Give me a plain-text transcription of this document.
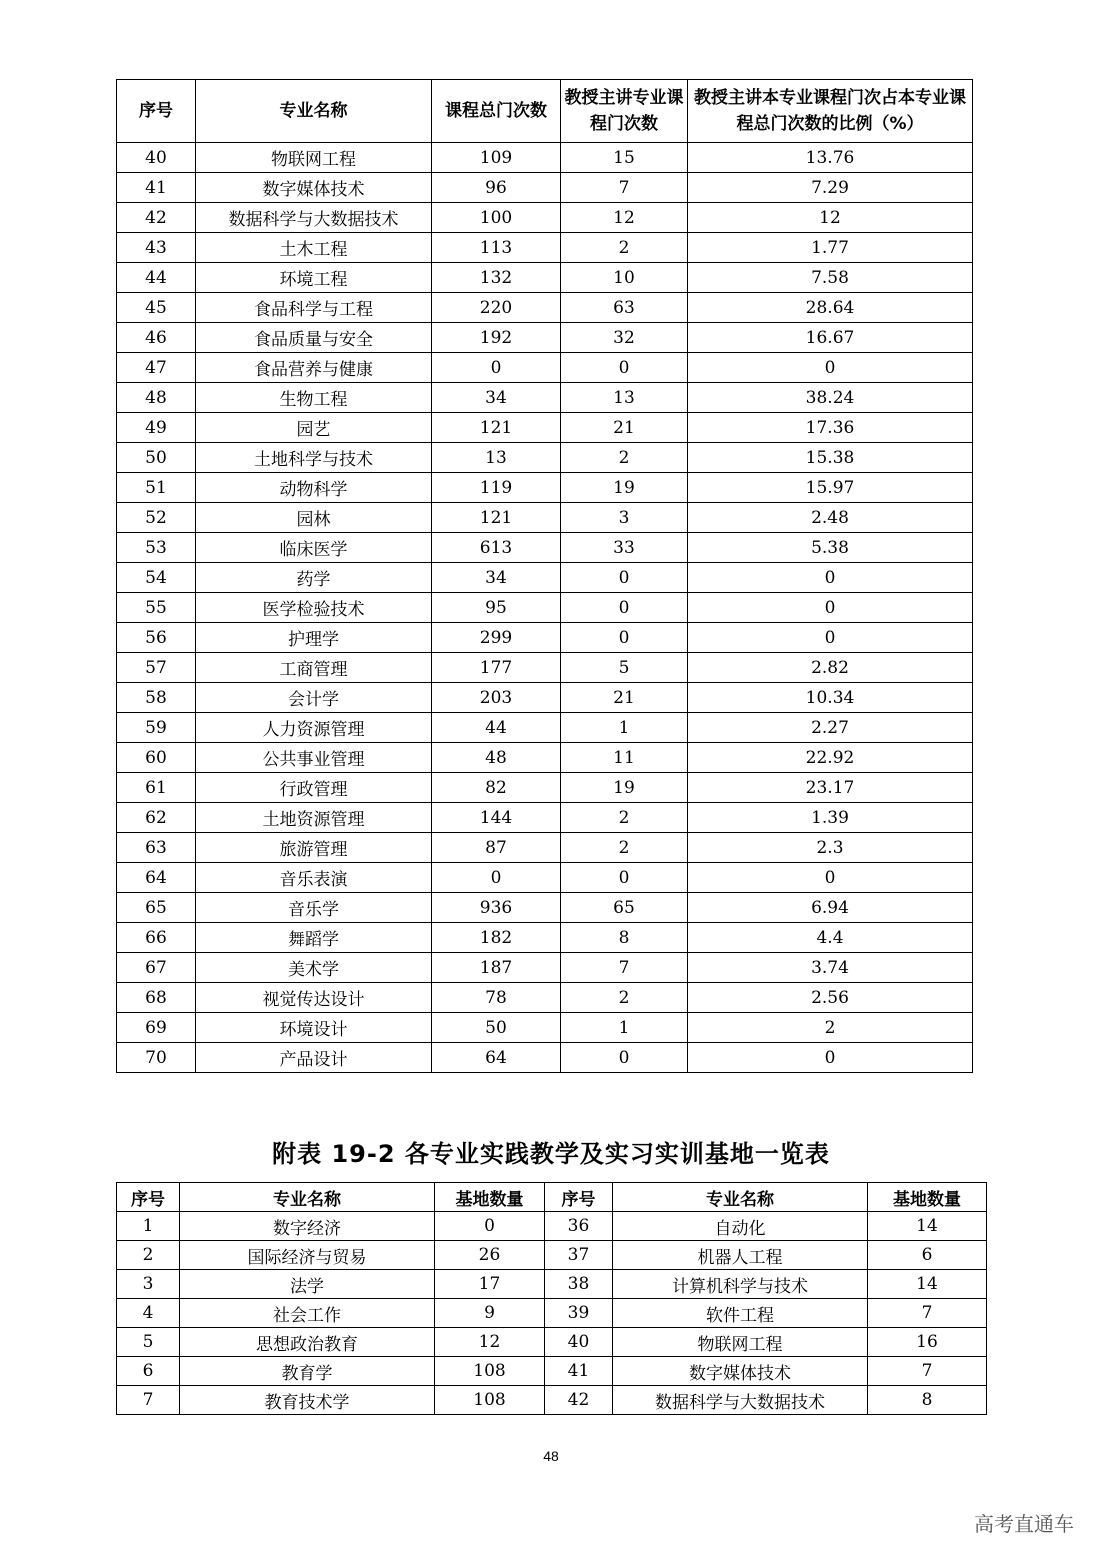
序号	专业名称	课程总门次数	教授主讲专业课程门次数	教授主讲本专业课程门次占本专业课程总门次数的比例（%）
40	物联网工程	109	15	13.76
41	数字媒体技术	96	7	7.29
42	数据科学与大数据技术	100	12	12
43	土木工程	113	2	1.77
44	环境工程	132	10	7.58
45	食品科学与工程	220	63	28.64
46	食品质量与安全	192	32	16.67
47	食品营养与健康	0	0	0
48	生物工程	34	13	38.24
49	园艺	121	21	17.36
50	土地科学与技术	13	2	15.38
51	动物科学	119	19	15.97
52	园林	121	3	2.48
53	临床医学	613	33	5.38
54	药学	34	0	0
55	医学检验技术	95	0	0
56	护理学	299	0	0
57	工商管理	177	5	2.82
58	会计学	203	21	10.34
59	人力资源管理	44	1	2.27
60	公共事业管理	48	11	22.92
61	行政管理	82	19	23.17
62	土地资源管理	144	2	1.39
63	旅游管理	87	2	2.3
64	音乐表演	0	0	0
65	音乐学	936	65	6.94
66	舞蹈学	182	8	4.4
67	美术学	187	7	3.74
68	视觉传达设计	78	2	2.56
69	环境设计	50	1	2
70	产品设计	64	0	0
附表 19-2 各专业实践教学及实习实训基地一览表
序号	专业名称	基地数量	序号	专业名称	基地数量
1	数字经济	0	36	自动化	14
2	国际经济与贸易	26	37	机器人工程	6
3	法学	17	38	计算机科学与技术	14
4	社会工作	9	39	软件工程	7
5	思想政治教育	12	40	物联网工程	16
6	教育学	108	41	数字媒体技术	7
7	教育技术学	108	42	数据科学与大数据技术	8
48
高考直通车
